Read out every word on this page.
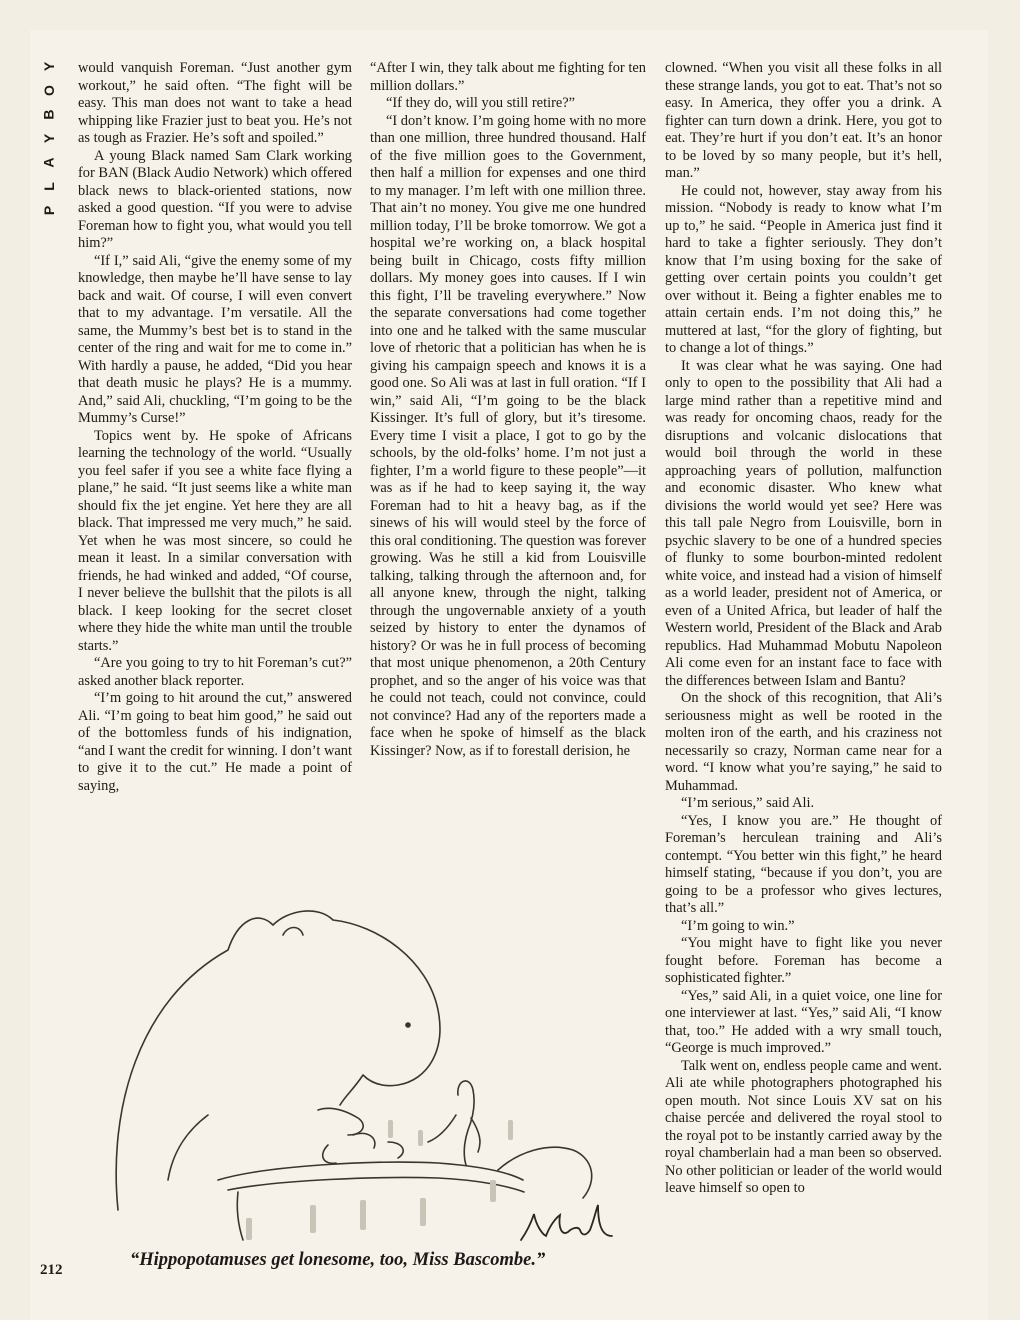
Y
O
B
Y
A
L
P

would vanquish Foreman. “Just another gym workout,” he said often. “The fight will be easy. This man does not want to take a head whipping like Frazier just to beat you. He’s not as tough as Frazier. He’s soft and spoiled.”

A young Black named Sam Clark working for BAN (Black Audio Network) which offered black news to black-oriented stations, now asked a good question. “If you were to advise Foreman how to fight you, what would you tell him?”

“If I,” said Ali, “give the enemy some of my knowledge, then maybe he’ll have sense to lay back and wait. Of course, I will even convert that to my advantage. I’m versatile. All the same, the Mummy’s best bet is to stand in the center of the ring and wait for me to come in.” With hardly a pause, he added, “Did you hear that death music he plays? He is a mummy. And,” said Ali, chuckling, “I’m going to be the Mummy’s Curse!”

Topics went by. He spoke of Africans learning the technology of the world. “Usually you feel safer if you see a white face flying a plane,” he said. “It just seems like a white man should fix the jet engine. Yet here they are all black. That impressed me very much,” he said. Yet when he was most sincere, so could he mean it least. In a similar conversation with friends, he had winked and added, “Of course, I never believe the bullshit that the pilots is all black. I keep looking for the secret closet where they hide the white man until the trouble starts.”

“Are you going to try to hit Foreman’s cut?” asked another black reporter.

“I’m going to hit around the cut,” answered Ali. “I’m going to beat him good,” he said out of the bottomless funds of his indignation, “and I want the credit for winning. I don’t want to give it to the cut.” He made a point of saying,

“After I win, they talk about me fighting for ten million dollars.”

“If they do, will you still retire?”

“I don’t know. I’m going home with no more than one million, three hundred thousand. Half of the five million goes to the Government, then half a million for expenses and one third to my manager. I’m left with one million three. That ain’t no money. You give me one hundred million today, I’ll be broke tomorrow. We got a hospital we’re working on, a black hospital being built in Chicago, costs fifty million dollars. My money goes into causes. If I win this fight, I’ll be traveling everywhere.” Now the separate conversations had come together into one and he talked with the same muscular love of rhetoric that a politician has when he is giving his campaign speech and knows it is a good one. So Ali was at last in full oration. “If I win,” said Ali, “I’m going to be the black Kissinger. It’s full of glory, but it’s tiresome. Every time I visit a place, I got to go by the schools, by the old-folks’ home. I’m not just a fighter, I’m a world figure to these people”—it was as if he had to keep saying it, the way Foreman had to hit a heavy bag, as if the sinews of his will would steel by the force of this oral conditioning. The question was forever growing. Was he still a kid from Louisville talking, talking through the afternoon and, for all anyone knew, through the night, talking through the ungovernable anxiety of a youth seized by history to enter the dynamos of history? Or was he in full process of becoming that most unique phenomenon, a 20th Century prophet, and so the anger of his voice was that he could not teach, could not convince, could not convince? Had any of the reporters made a face when he spoke of himself as the black Kissinger? Now, as if to forestall derision, he

clowned. “When you visit all these folks in all these strange lands, you got to eat. That’s not so easy. In America, they offer you a drink. A fighter can turn down a drink. Here, you got to eat. They’re hurt if you don’t eat. It’s an honor to be loved by so many people, but it’s hell, man.”

He could not, however, stay away from his mission. “Nobody is ready to know what I’m up to,” he said. “People in America just find it hard to take a fighter seriously. They don’t know that I’m using boxing for the sake of getting over certain points you couldn’t get over without it. Being a fighter enables me to attain certain ends. I’m not doing this,” he muttered at last, “for the glory of fighting, but to change a lot of things.”

It was clear what he was saying. One had only to open to the possibility that Ali had a large mind rather than a repetitive mind and was ready for oncoming chaos, ready for the disruptions and volcanic dislocations that would boil through the world in these approaching years of pollution, malfunction and economic disaster. Who knew what divisions the world would yet see? Here was this tall pale Negro from Louisville, born in psychic slavery to be one of a hundred species of flunky to some bourbon-minted redolent white voice, and instead had a vision of himself as a world leader, president not of America, or even of a United Africa, but leader of half the Western world, President of the Black and Arab republics. Had Muhammad Mobutu Napoleon Ali come even for an instant face to face with the differences between Islam and Bantu?

On the shock of this recognition, that Ali’s seriousness might as well be rooted in the molten iron of the earth, and his craziness not necessarily so crazy, Norman came near for a word. “I know what you’re saying,” he said to Muhammad.

“I’m serious,” said Ali.

“Yes, I know you are.” He thought of Foreman’s herculean training and Ali’s contempt. “You better win this fight,” he heard himself stating, “because if you don’t, you are going to be a professor who gives lectures, that’s all.”

“I’m going to win.”

“You might have to fight like you never fought before. Foreman has become a sophisticated fighter.”

“Yes,” said Ali, in a quiet voice, one line for one interviewer at last. “Yes,” said Ali, “I know that, too.” He added with a wry small touch, “George is much improved.”

Talk went on, endless people came and went. Ali ate while photographers photographed his open mouth. Not since Louis XV sat on his chaise percée and delivered the royal stool to the royal pot to be instantly carried away by the royal chamberlain had a man been so observed. No other politician or leader of the world would leave himself so open to

“Hippopotamuses get lonesome, too, Miss Bascombe.”
212
